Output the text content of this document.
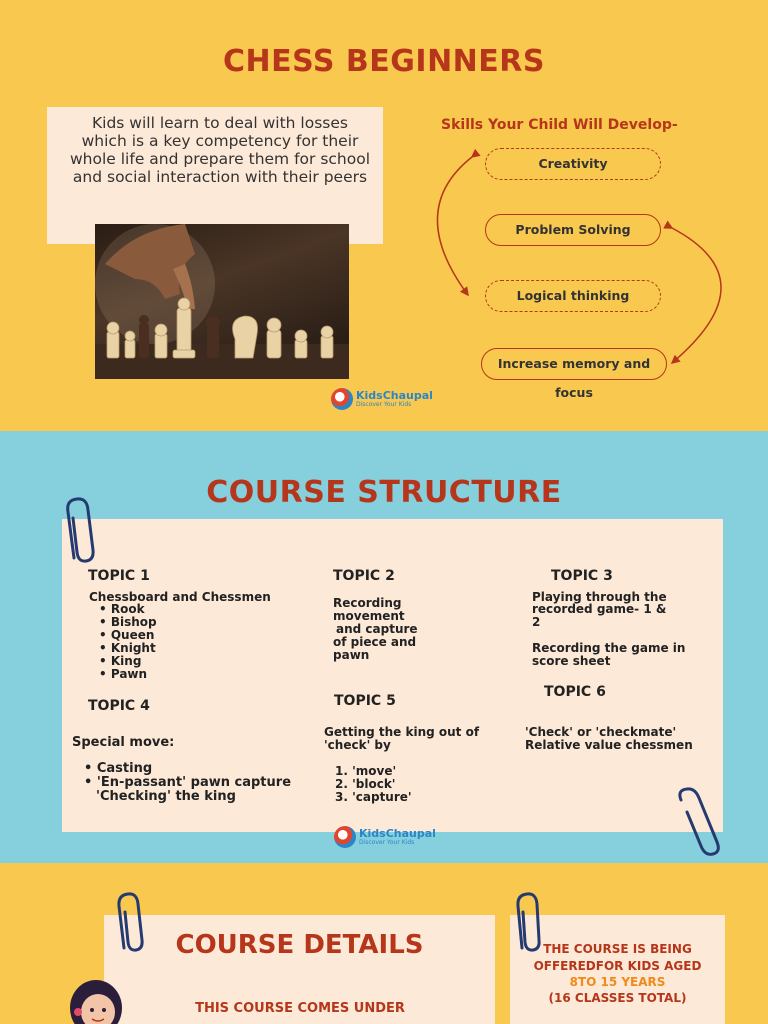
CHESS BEGINNERS
Kids will learn to deal with losses which is a key competency for their whole life and prepare them for school and social interaction with their peers
Skills Your Child Will Develop-
Creativity
Problem Solving
Logical thinking
Increase memory and focus
KidsChaupal
Discover Your Kids
COURSE STRUCTURE
TOPIC 1
Chessboard and Chessmen
• Rook
• Bishop
• Queen
• Knight
• King
• Pawn
TOPIC 2
Recording
movement
and capture
of piece and
pawn
TOPIC 3
Playing through the
recorded game- 1 &
2
Recording the game in
score sheet
TOPIC 4
Special move:
• Casting
• 'En-passant' pawn capture
'Checking' the king
TOPIC 5
Getting the king out of
'check' by
1. 'move'
2. 'block'
3. 'capture'
TOPIC 6
'Check' or 'checkmate'
Relative value chessmen
KidsChaupal
Discover Your Kids
COURSE DETAILS
THIS COURSE COMES UNDER
THE COURSE IS BEING
OFFEREDFOR KIDS AGED
8TO 15 YEARS
(16 CLASSES TOTAL)
